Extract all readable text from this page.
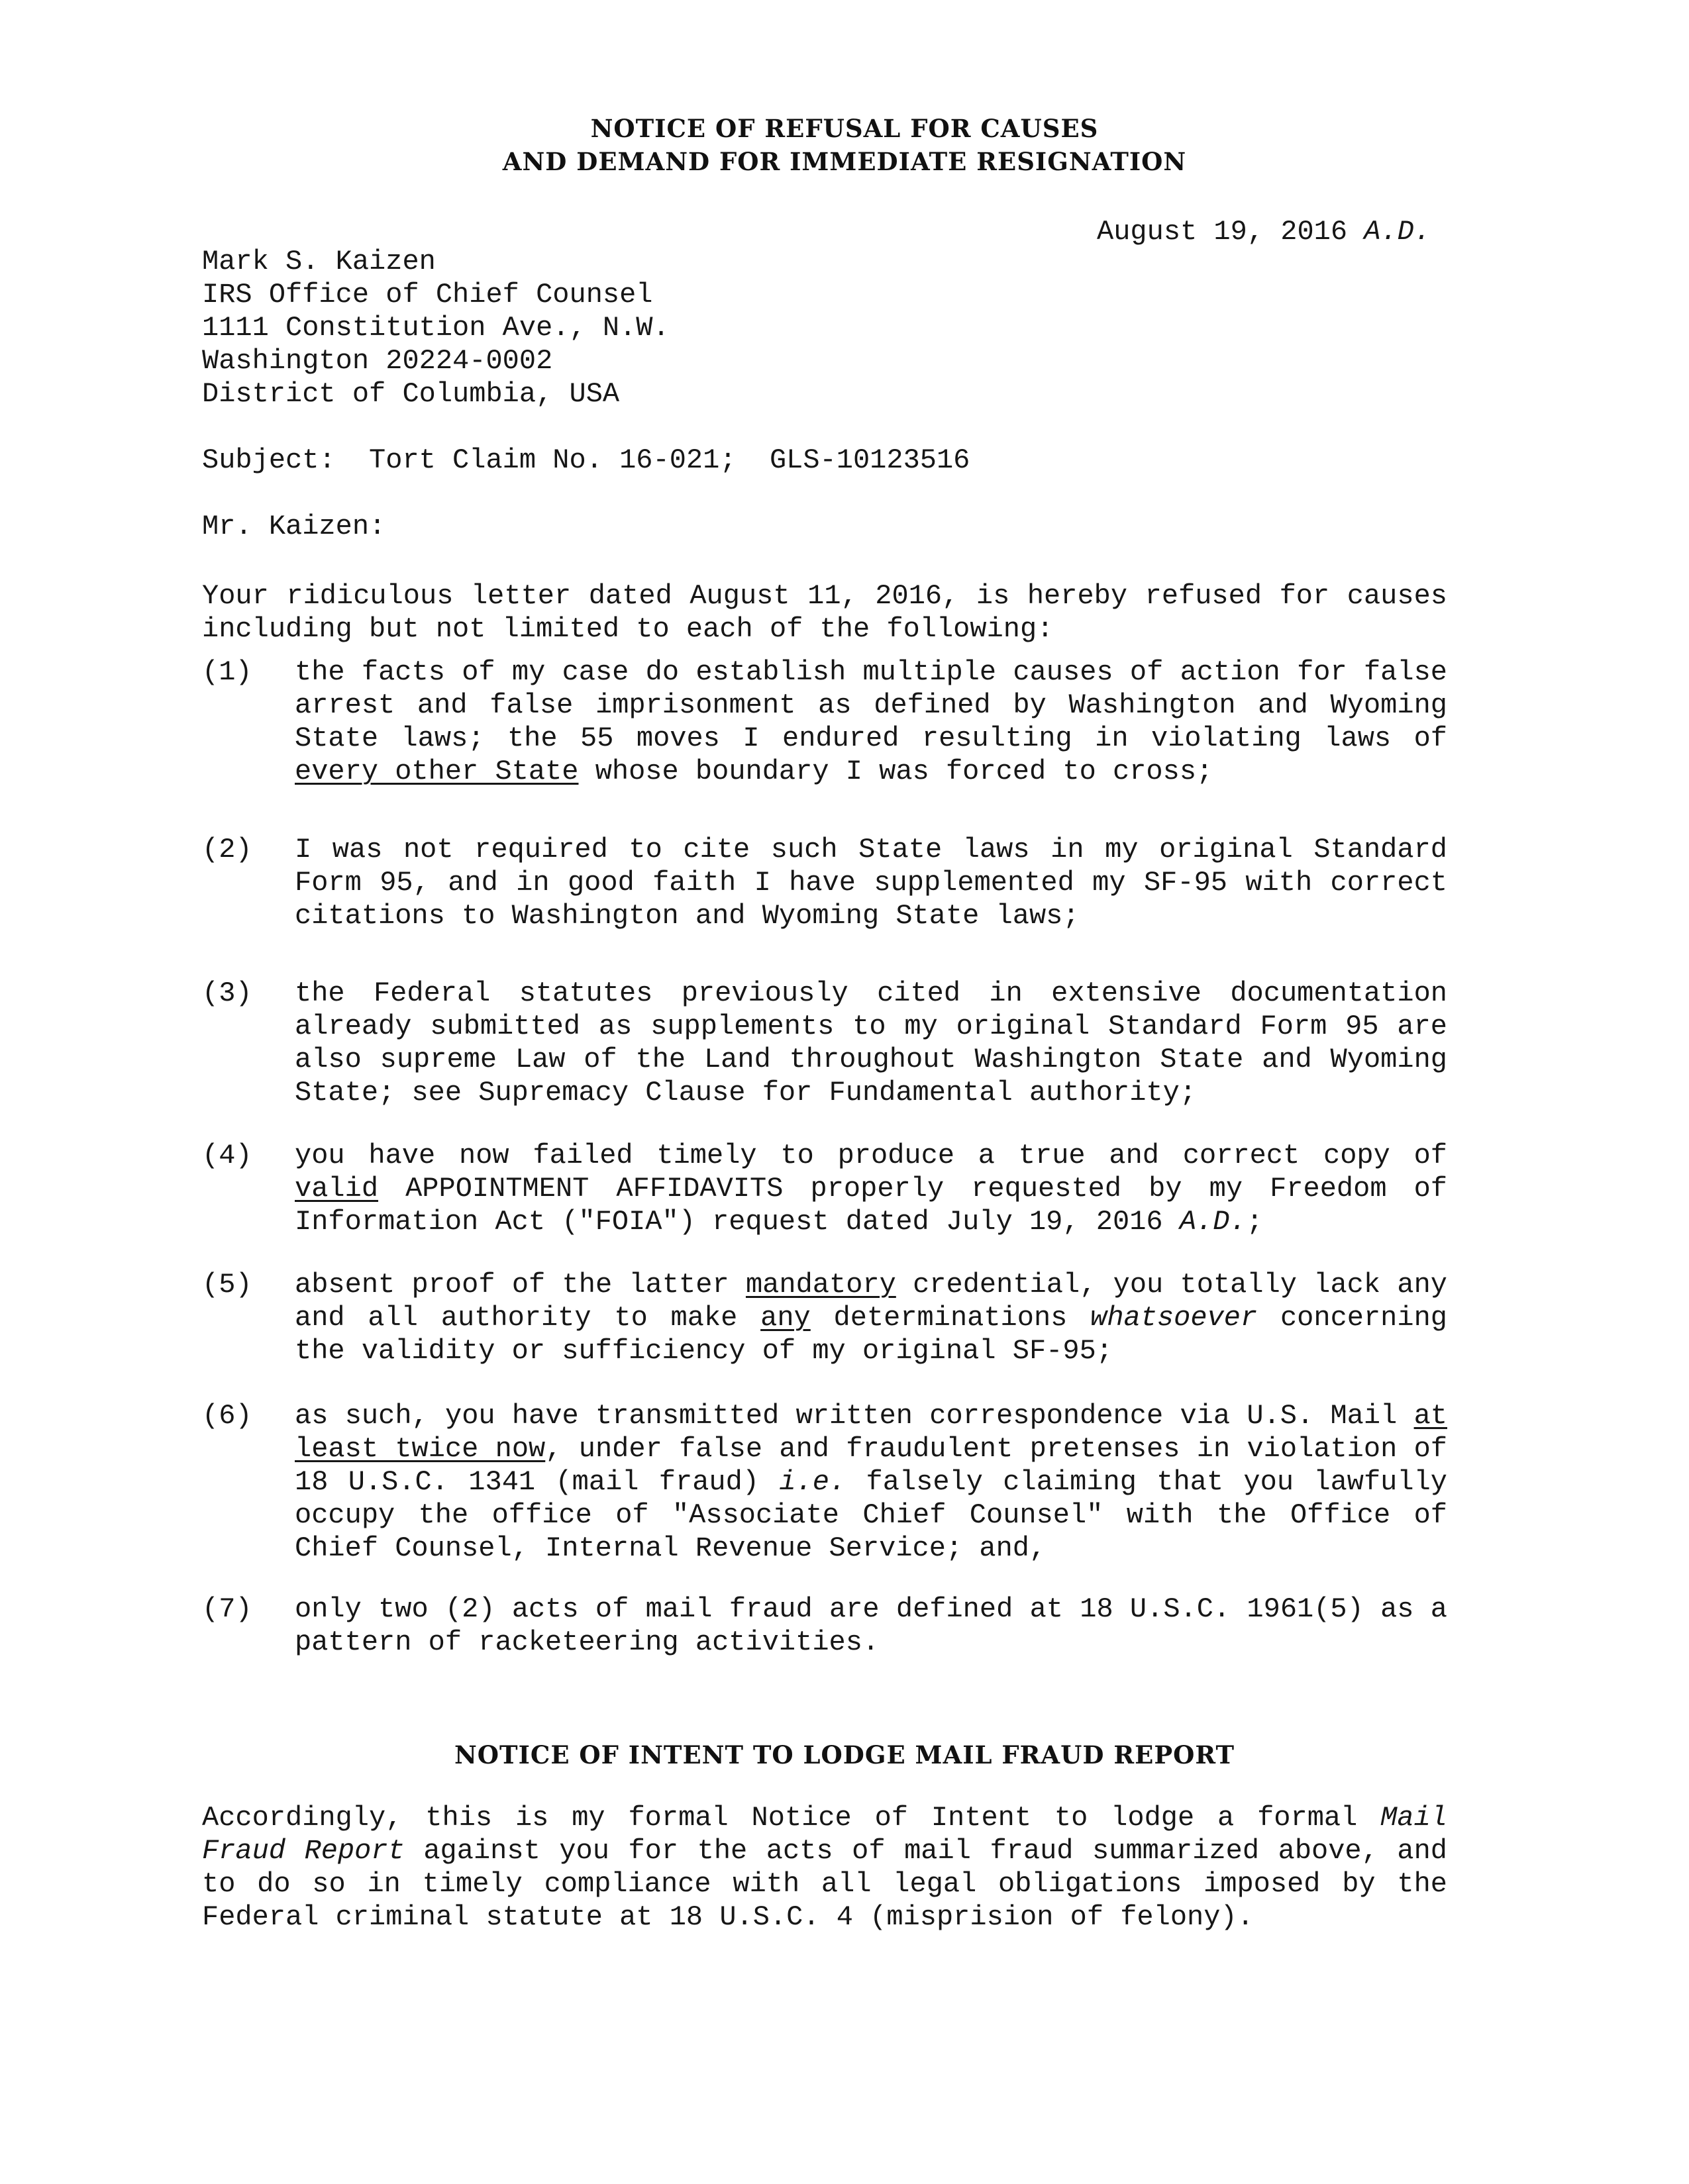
NOTICE OF REFUSAL FOR CAUSES
AND DEMAND FOR IMMEDIATE RESIGNATION
August 19, 2016 A.D.
Mark S. Kaizen
IRS Office of Chief Counsel
1111 Constitution Ave., N.W.
Washington 20224-0002
District of Columbia, USA
Subject:  Tort Claim No. 16-021;  GLS-10123516
Mr. Kaizen:
Your ridiculous letter dated August 11, 2016, is hereby refused for causes including but not limited to each of the following:
(1)	the facts of my case do establish multiple causes of action for false arrest and false imprisonment as defined by Washington and Wyoming State laws; the 55 moves I endured resulting in violating laws of every other State whose boundary I was forced to cross;
(2)	I was not required to cite such State laws in my original Standard Form 95, and in good faith I have supplemented my SF-95 with correct citations to Washington and Wyoming State laws;
(3)	the Federal statutes previously cited in extensive documentation already submitted as supplements to my original Standard Form 95 are also supreme Law of the Land throughout Washington State and Wyoming State; see Supremacy Clause for Fundamental authority;
(4)	you have now failed timely to produce a true and correct copy of valid APPOINTMENT AFFIDAVITS properly requested by my Freedom of Information Act ("FOIA") request dated July 19, 2016 A.D.;
(5)	absent proof of the latter mandatory credential, you totally lack any and all authority to make any determinations whatsoever concerning the validity or sufficiency of my original SF-95;
(6)	as such, you have transmitted written correspondence via U.S. Mail at least twice now, under false and fraudulent pretenses in violation of 18 U.S.C. 1341 (mail fraud) i.e. falsely claiming that you lawfully occupy the office of "Associate Chief Counsel" with the Office of Chief Counsel, Internal Revenue Service; and,
(7)	only two (2) acts of mail fraud are defined at 18 U.S.C. 1961(5) as a pattern of racketeering activities.
NOTICE OF INTENT TO LODGE MAIL FRAUD REPORT
Accordingly, this is my formal Notice of Intent to lodge a formal Mail Fraud Report against you for the acts of mail fraud summarized above, and to do so in timely compliance with all legal obligations imposed by the Federal criminal statute at 18 U.S.C. 4 (misprision of felony).
